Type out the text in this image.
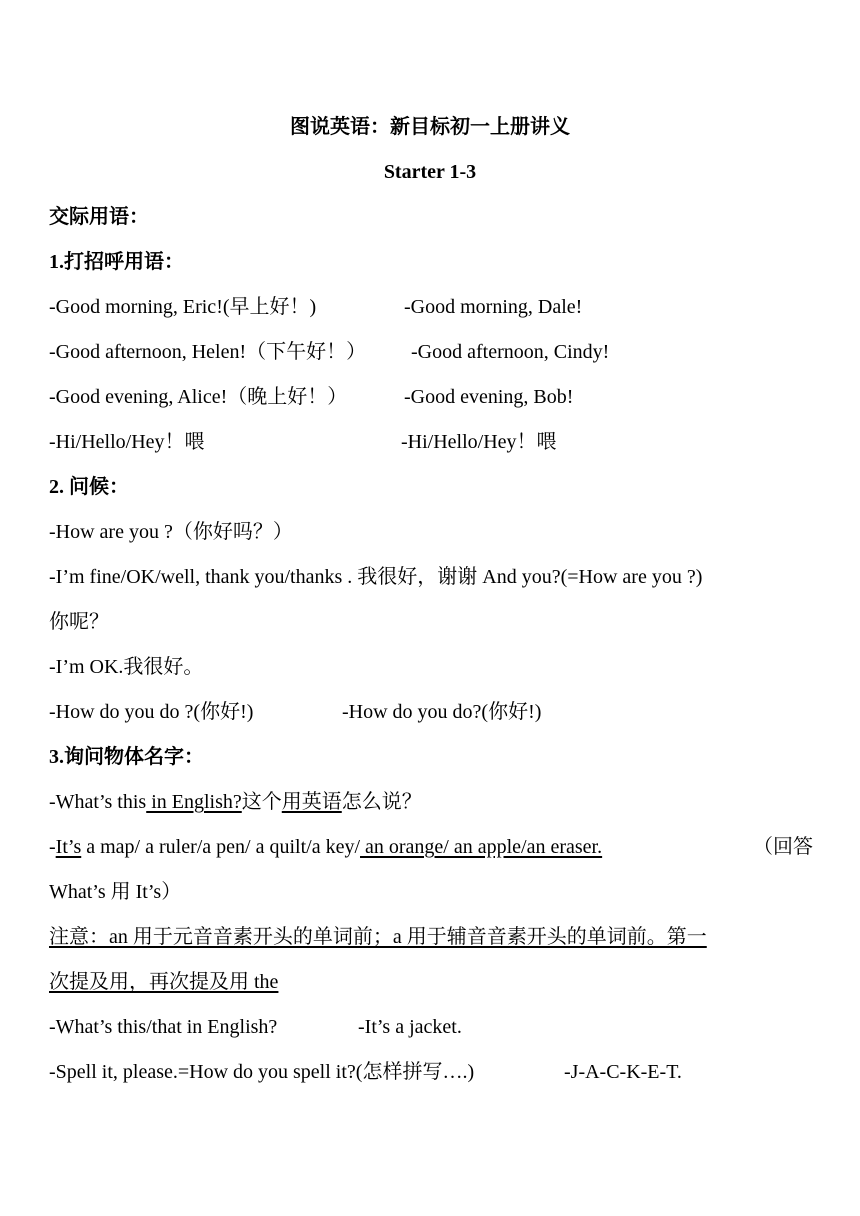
图说英语：新目标初一上册讲义
Starter 1-3
交际用语：
1.打招呼用语：
-Good morning, Eric!(早上好！)	-Good morning, Dale!
-Good afternoon, Helen!（下午好！） -Good afternoon, Cindy!
-Good evening, Alice!（晚上好！）	-Good evening, Bob!
-Hi/Hello/Hey！喂	-Hi/Hello/Hey！喂
2. 问候：
-How are you ?（你好吗？）
-I’m fine/OK/well, thank you/thanks . 我很好，谢谢 And you?(=How are you ?)
你呢？
-I’m OK.我很好。
-How do you do ?(你好!)	-How do you do?(你好!)
3.询问物体名字：
-What’s this in English?这个用英语怎么说？
-It’s a map/ a ruler/a pen/ a quilt/a key/ an orange/ an apple/an eraser.	（回答
What’s 用 It’s）
注意：an 用于元音音素开头的单词前；a 用于辅音音素开头的单词前。第一
次提及用，再次提及用 the
-What’s this/that in English?	-It’s a jacket.
-Spell it, please.=How do you spell it?(怎样拼写….)	-J-A-C-K-E-T.
